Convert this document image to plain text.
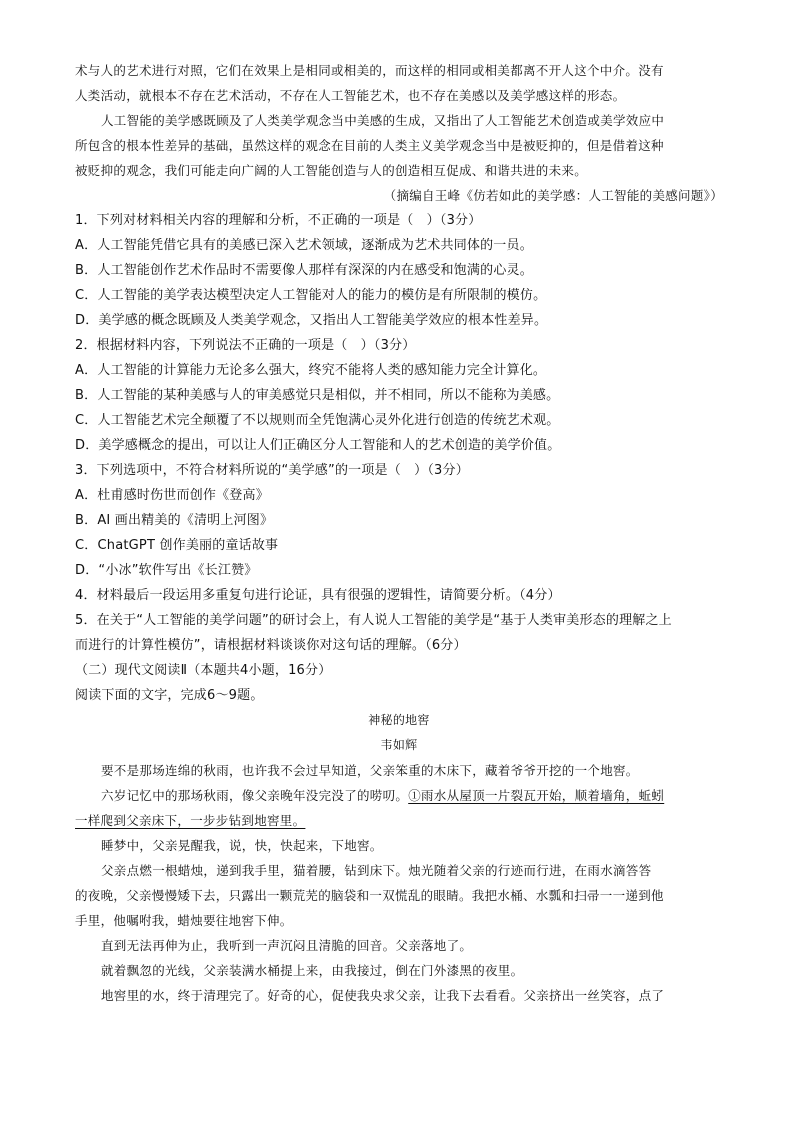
术与人的艺术进行对照，它们在效果上是相同或相美的，而这样的相同或相美都离不开人这个中介。没有
人类活动，就根本不存在艺术活动，不存在人工智能艺术，也不存在美感以及美学感这样的形态。
人工智能的美学感既顾及了人类美学观念当中美感的生成，又指出了人工智能艺术创造或美学效应中
所包含的根本性差异的基础，虽然这样的观念在目前的人类主义美学观念当中是被贬抑的，但是借着这种
被贬抑的观念，我们可能走向广阔的人工智能创造与人的创造相互促成、和谐共进的未来。
（摘编自王峰《仿若如此的美学感：人工智能的美感问题》）
1．下列对材料相关内容的理解和分析，不正确的一项是（　）（3分）
A．人工智能凭借它具有的美感已深入艺术领域，逐渐成为艺术共同体的一员。
B．人工智能创作艺术作品时不需要像人那样有深深的内在感受和饱满的心灵。
C．人工智能的美学表达模型决定人工智能对人的能力的模仿是有所限制的模仿。
D．美学感的概念既顾及人类美学观念，又指出人工智能美学效应的根本性差异。
2．根据材料内容，下列说法不正确的一项是（　）（3分）
A．人工智能的计算能力无论多么强大，终究不能将人类的感知能力完全计算化。
B．人工智能的某种美感与人的审美感觉只是相似，并不相同，所以不能称为美感。
C．人工智能艺术完全颠覆了不以规则而全凭饱满心灵外化进行创造的传统艺术观。
D．美学感概念的提出，可以让人们正确区分人工智能和人的艺术创造的美学价值。
3．下列选项中，不符合材料所说的“美学感”的一项是（　）（3分）
A．杜甫感时伤世而创作《登高》
B．AI 画出精美的《清明上河图》
C．ChatGPT 创作美丽的童话故事
D．“小冰”软件写出《长江赞》
4．材料最后一段运用多重复句进行论证，具有很强的逻辑性，请简要分析。（4分）
5．在关于“人工智能的美学问题”的研讨会上，有人说人工智能的美学是“基于人类审美形态的理解之上
而进行的计算性模仿”，请根据材料谈谈你对这句话的理解。（6分）
（二）现代文阅读Ⅱ（本题共4小题，16分）
阅读下面的文字，完成6～9题。
神秘的地窖
韦如辉
要不是那场连绵的秋雨，也许我不会过早知道，父亲笨重的木床下，藏着爷爷开挖的一个地窖。
六岁记忆中的那场秋雨，像父亲晚年没完没了的唠叨。①雨水从屋顶一片裂瓦开始，顺着墙角，蚯蚓
一样爬到父亲床下，一步步钻到地窖里。
睡梦中，父亲晃醒我，说，快，快起来，下地窖。
父亲点燃一根蜡烛，递到我手里，猫着腰，钻到床下。烛光随着父亲的行迹而行进，在雨水滴答答
的夜晚，父亲慢慢矮下去，只露出一颗荒芜的脑袋和一双慌乱的眼睛。我把水桶、水瓢和扫帚一一递到他
手里，他嘱咐我，蜡烛要往地窖下伸。
直到无法再伸为止，我听到一声沉闷且清脆的回音。父亲落地了。
就着飘忽的光线，父亲装满水桶提上来，由我接过，倒在门外漆黑的夜里。
地窖里的水，终于清理完了。好奇的心，促使我央求父亲，让我下去看看。父亲挤出一丝笑容，点了
